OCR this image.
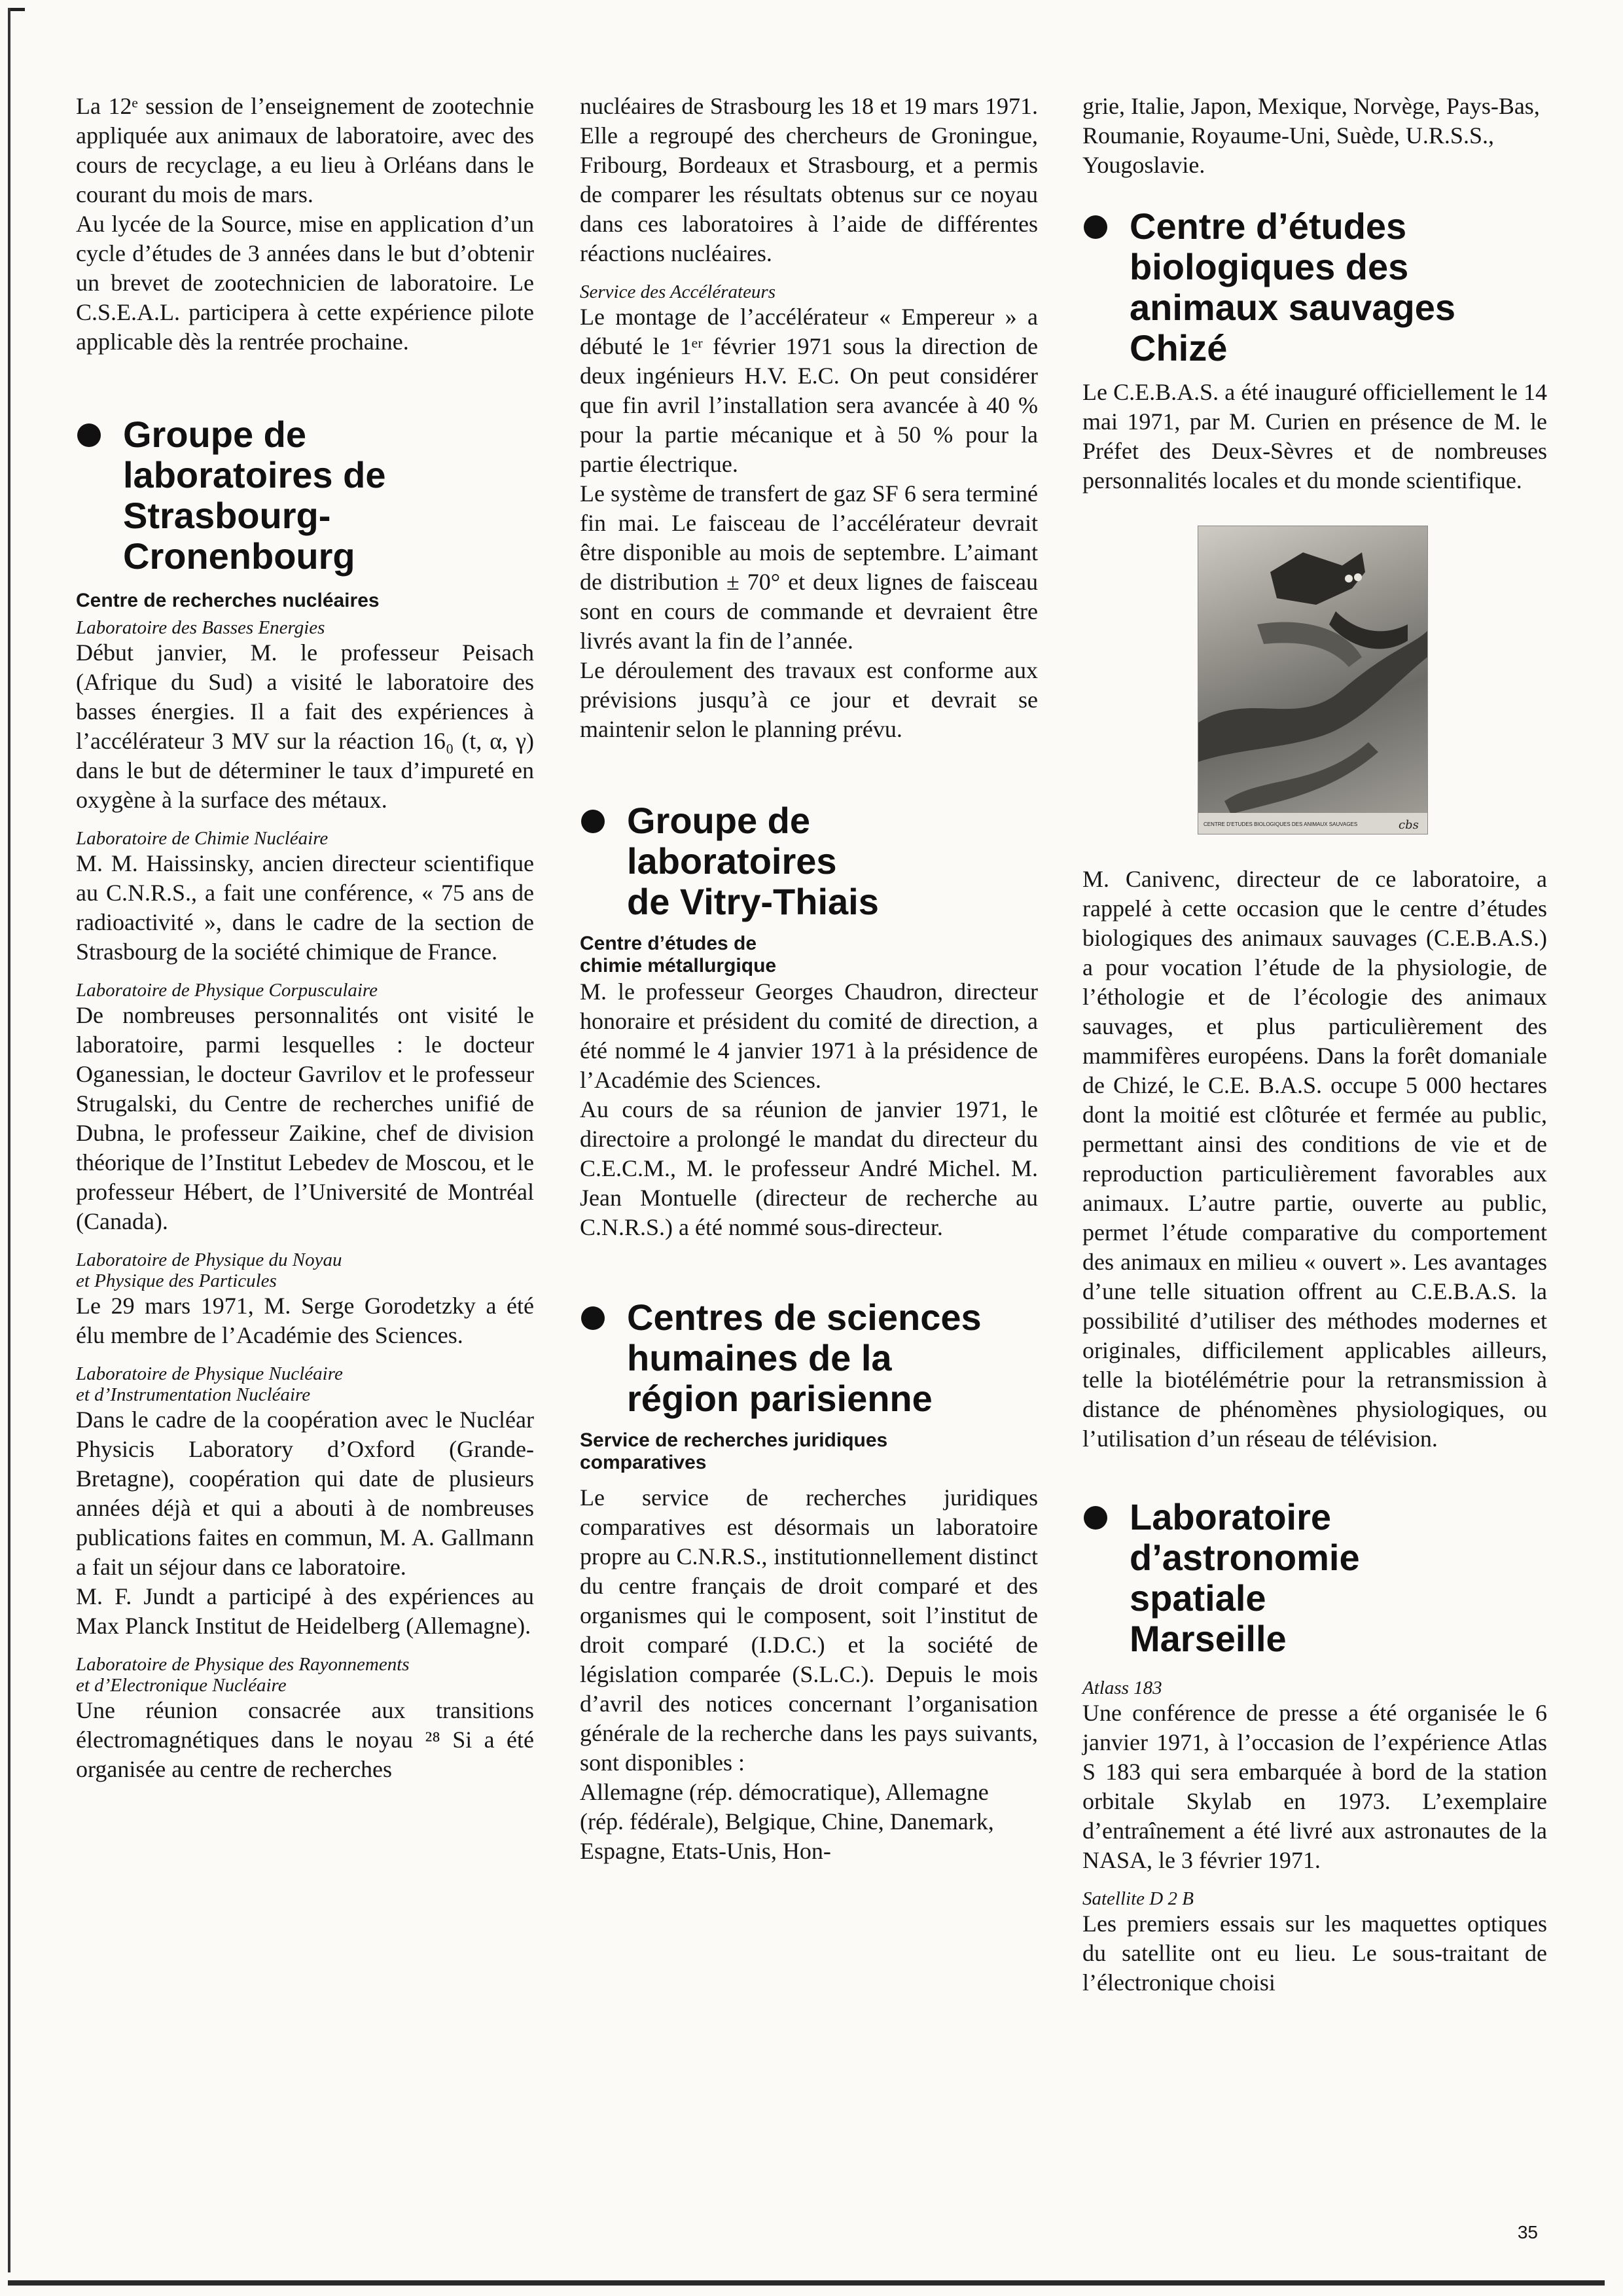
La 12ᵉ session de l’enseignement de zootechnie appliquée aux animaux de laboratoire, avec des cours de recyclage, a eu lieu à Orléans dans le courant du mois de mars.

Au lycée de la Source, mise en application d’un cycle d’études de 3 années dans le but d’obtenir un brevet de zootechnicien de laboratoire. Le C.S.E.A.L. participera à cette expérience pilote applicable dès la rentrée prochaine.

Groupe de
laboratoires de
Strasbourg-
Cronenbourg
Centre de recherches nucléaires
Laboratoire des Basses Energies

Début janvier, M. le professeur Peisach (Afrique du Sud) a visité le laboratoire des basses énergies. Il a fait des expériences à l’accélérateur 3 MV sur la réaction 16₀ (t, α, γ) dans le but de déterminer le taux d’impureté en oxygène à la surface des métaux.

Laboratoire de Chimie Nucléaire

M. M. Haissinsky, ancien directeur scientifique au C.N.R.S., a fait une conférence, « 75 ans de radioactivité », dans le cadre de la section de Strasbourg de la société chimique de France.

Laboratoire de Physique Corpusculaire

De nombreuses personnalités ont visité le laboratoire, parmi lesquelles : le docteur Oganessian, le docteur Gavrilov et le professeur Strugalski, du Centre de recherches unifié de Dubna, le professeur Zaikine, chef de division théorique de l’Institut Lebedev de Moscou, et le professeur Hébert, de l’Université de Montréal (Canada).

Laboratoire de Physique du Noyau
et Physique des Particules

Le 29 mars 1971, M. Serge Gorodetzky a été élu membre de l’Académie des Sciences.

Laboratoire de Physique Nucléaire
et d’Instrumentation Nucléaire

Dans le cadre de la coopération avec le Nucléar Physicis Laboratory d’Oxford (Grande-Bretagne), coopération qui date de plusieurs années déjà et qui a abouti à de nombreuses publications faites en commun, M. A. Gallmann a fait un séjour dans ce laboratoire.

M. F. Jundt a participé à des expériences au Max Planck Institut de Heidelberg (Allemagne).

Laboratoire de Physique des Rayonnements
et d’Electronique Nucléaire

Une réunion consacrée aux transitions électromagnétiques dans le noyau ²⁸ Si a été organisée au centre de recherches

nucléaires de Strasbourg les 18 et 19 mars 1971. Elle a regroupé des chercheurs de Groningue, Fribourg, Bordeaux et Strasbourg, et a permis de comparer les résultats obtenus sur ce noyau dans ces laboratoires à l’aide de différentes réactions nucléaires.

Service des Accélérateurs

Le montage de l’accélérateur « Empereur » a débuté le 1ᵉʳ février 1971 sous la direction de deux ingénieurs H.V. E.C. On peut considérer que fin avril l’installation sera avancée à 40 % pour la partie mécanique et à 50 % pour la partie électrique.

Le système de transfert de gaz SF 6 sera terminé fin mai. Le faisceau de l’accélérateur devrait être disponible au mois de septembre. L’aimant de distribution ± 70° et deux lignes de faisceau sont en cours de commande et devraient être livrés avant la fin de l’année.

Le déroulement des travaux est conforme aux prévisions jusqu’à ce jour et devrait se maintenir selon le planning prévu.

Groupe de
laboratoires
de Vitry-Thiais
Centre d’études de
chimie métallurgique

M. le professeur Georges Chaudron, directeur honoraire et président du comité de direction, a été nommé le 4 janvier 1971 à la présidence de l’Académie des Sciences.

Au cours de sa réunion de janvier 1971, le directoire a prolongé le mandat du directeur du C.E.C.M., M. le professeur André Michel. M. Jean Montuelle (directeur de recherche au C.N.R.S.) a été nommé sous-directeur.

Centres de sciences
humaines de la
région parisienne
Service de recherches juridiques
comparatives

Le service de recherches juridiques comparatives est désormais un laboratoire propre au C.N.R.S., institutionnellement distinct du centre français de droit comparé et des organismes qui le composent, soit l’institut de droit comparé (I.D.C.) et la société de législation comparée (S.L.C.). Depuis le mois d’avril des notices concernant l’organisation générale de la recherche dans les pays suivants, sont disponibles :

Allemagne (rép. démocratique), Allemagne (rép. fédérale), Belgique, Chine, Danemark, Espagne, Etats-Unis, Hon-

grie, Italie, Japon, Mexique, Norvège, Pays-Bas, Roumanie, Royaume-Uni, Suède, U.R.S.S., Yougoslavie.

Centre d’études
biologiques des
animaux sauvages
Chizé

Le C.E.B.A.S. a été inauguré officiellement le 14 mai 1971, par M. Curien en présence de M. le Préfet des Deux-Sèvres et de nombreuses personnalités locales et du monde scientifique.

CENTRE D'ETUDES BIOLOGIQUES DES ANIMAUX SAUVAGES	cbs

M. Canivenc, directeur de ce laboratoire, a rappelé à cette occasion que le centre d’études biologiques des animaux sauvages (C.E.B.A.S.) a pour vocation l’étude de la physiologie, de l’éthologie et de l’écologie des animaux sauvages, et plus particulièrement des mammifères européens. Dans la forêt domaniale de Chizé, le C.E. B.A.S. occupe 5 000 hectares dont la moitié est clôturée et fermée au public, permettant ainsi des conditions de vie et de reproduction particulièrement favorables aux animaux. L’autre partie, ouverte au public, permet l’étude comparative du comportement des animaux en milieu « ouvert ». Les avantages d’une telle situation offrent au C.E.B.A.S. la possibilité d’utiliser des méthodes modernes et originales, difficilement applicables ailleurs, telle la biotélémétrie pour la retransmission à distance de phénomènes physiologiques, ou l’utilisation d’un réseau de télévision.

Laboratoire
d’astronomie
spatiale
Marseille
Atlass 183

Une conférence de presse a été organisée le 6 janvier 1971, à l’occasion de l’expérience Atlas S 183 qui sera embarquée à bord de la station orbitale Skylab en 1973. L’exemplaire d’entraînement a été livré aux astronautes de la NASA, le 3 février 1971.

Satellite D 2 B

Les premiers essais sur les maquettes optiques du satellite ont eu lieu. Le sous-traitant de l’électronique choisi

35
